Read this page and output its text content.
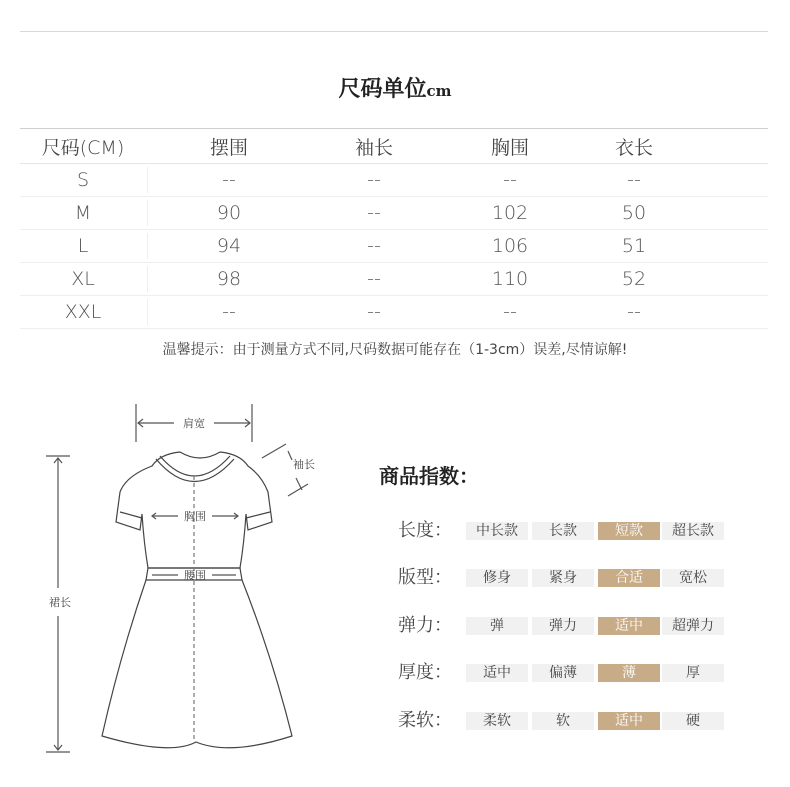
尺码单位cm
尺码(CM)	摆围	袖长	胸围	衣长
S	--	--	--	--
M	90	--	102	50
L	94	--	106	51
XL	98	--	110	52
XXL	--	--	--	--
温馨提示：由于测量方式不同,尺码数据可能存在（1-3cm）误差,尽情谅解!
肩宽
袖长
胸围
腰围
裙长
商品指数：
长度：	中长款	长款	短款	超长款
版型：	修身	紧身	合适	宽松
弹力：	弹	弹力	适中	超弹力
厚度：	适中	偏薄	薄	厚
柔软：	柔软	软	适中	硬
